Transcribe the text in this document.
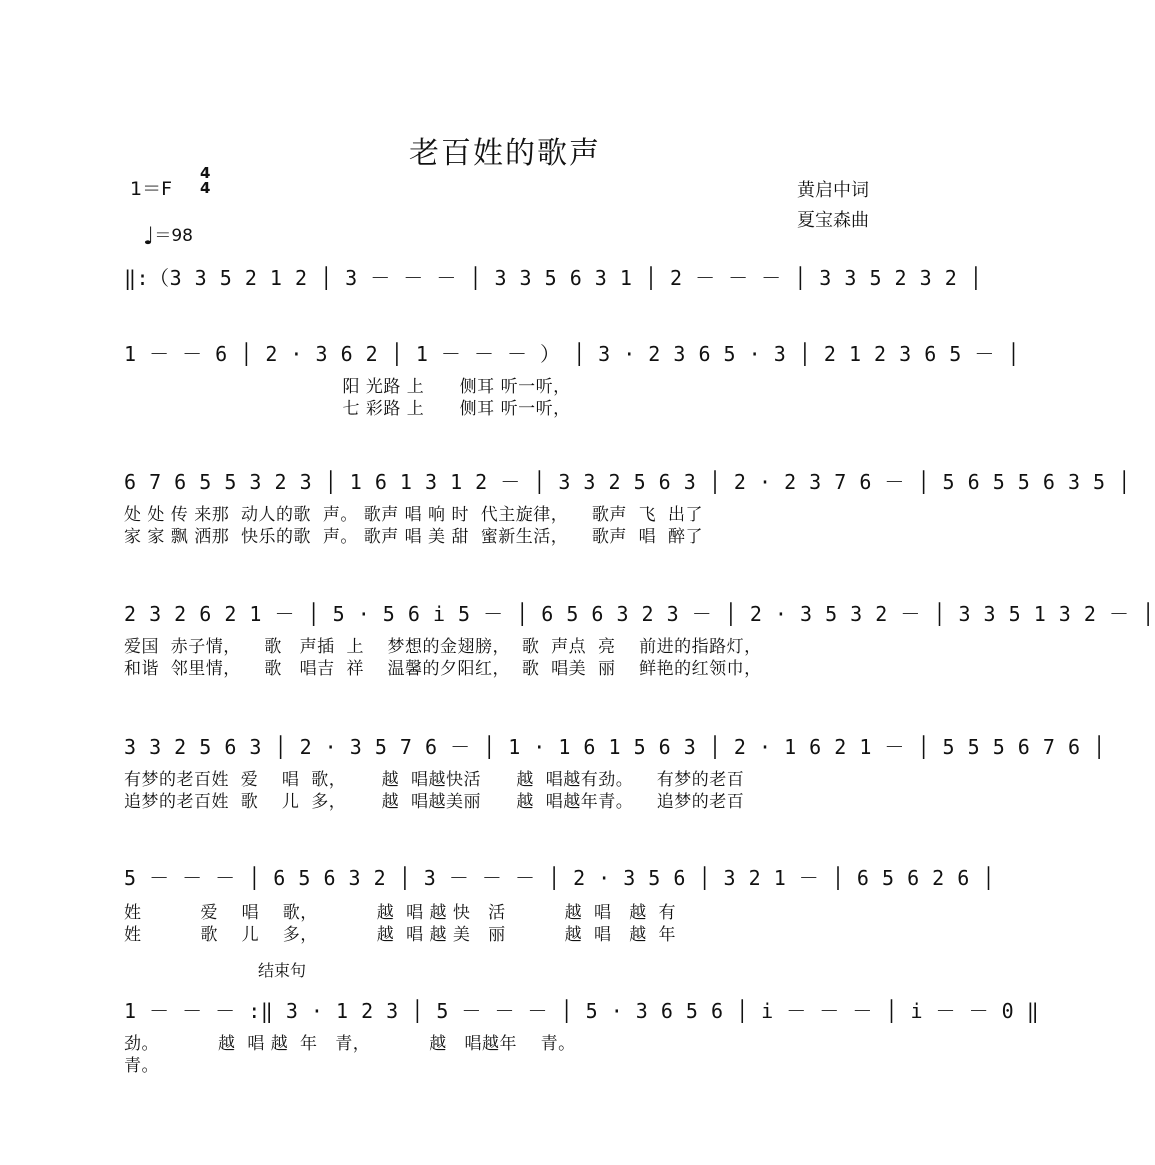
老百姓的歌声
1＝F
4
4
♩＝98
黄启中词
夏宝森曲
‖:（3 3 5 2 1 2 │ 3 － － － │ 3 3 5 6 3 1 │ 2 － － － │ 3 3 5 2 3 2 │
1 － － 6 │ 2 · 3 6 2 │ 1 － － － ） │ 3 · 2 3 6 5 · 3 │ 2 1 2 3 6 5 － │
阳 光路 上      侧耳 听一听，
七 彩路 上      侧耳 听一听，
6 7 6 5 5 3 2 3 │ 1 6 1 3 1 2 － │ 3 3 2 5 6 3 │ 2 · 2 3 7 6 － │ 5 6 5 5 6 3 5 │
处 处 传 来那  动人的歌  声。 歌声 唱 响 时  代主旋律，    歌声  飞  出了
家 家 飘 洒那  快乐的歌  声。 歌声 唱 美 甜  蜜新生活，    歌声  唱  醉了
2 3 2 6 2 1 － │ 5 · 5 6 i 5 － │ 6 5 6 3 2 3 － │ 2 · 3 5 3 2 － │ 3 3 5 1 3 2 － │
爱国  赤子情，    歌   声插  上    梦想的金翅膀，  歌  声点  亮    前进的指路灯，
和谐  邻里情，    歌   唱吉  祥    温馨的夕阳红，  歌  唱美  丽    鲜艳的红领巾，
3 3 2 5 6 3 │ 2 · 3 5 7 6 － │ 1 · 1 6 1 5 6 3 │ 2 · 1 6 2 1 － │ 5 5 5 6 7 6 │
有梦的老百姓  爱    唱  歌，      越  唱越快活      越  唱越有劲。    有梦的老百
追梦的老百姓  歌    儿  多，      越  唱越美丽      越  唱越年青。    追梦的老百
5 － － － │ 6 5 6 3 2 │ 3 － － － │ 2 · 3 5 6 │ 3 2 1 － │ 6 5 6 2 6 │
姓          爱    唱    歌，          越  唱 越 快   活          越  唱   越  有
姓          歌    儿    多，          越  唱 越 美   丽          越  唱   越  年
结束句
1 － － － :‖ 3 · 1 2 3 │ 5 － － － │ 5 · 3 6 5 6 │ i － － － │ i － － 0 ‖
劲。          越  唱 越  年   青，          越   唱越年    青。
青。
